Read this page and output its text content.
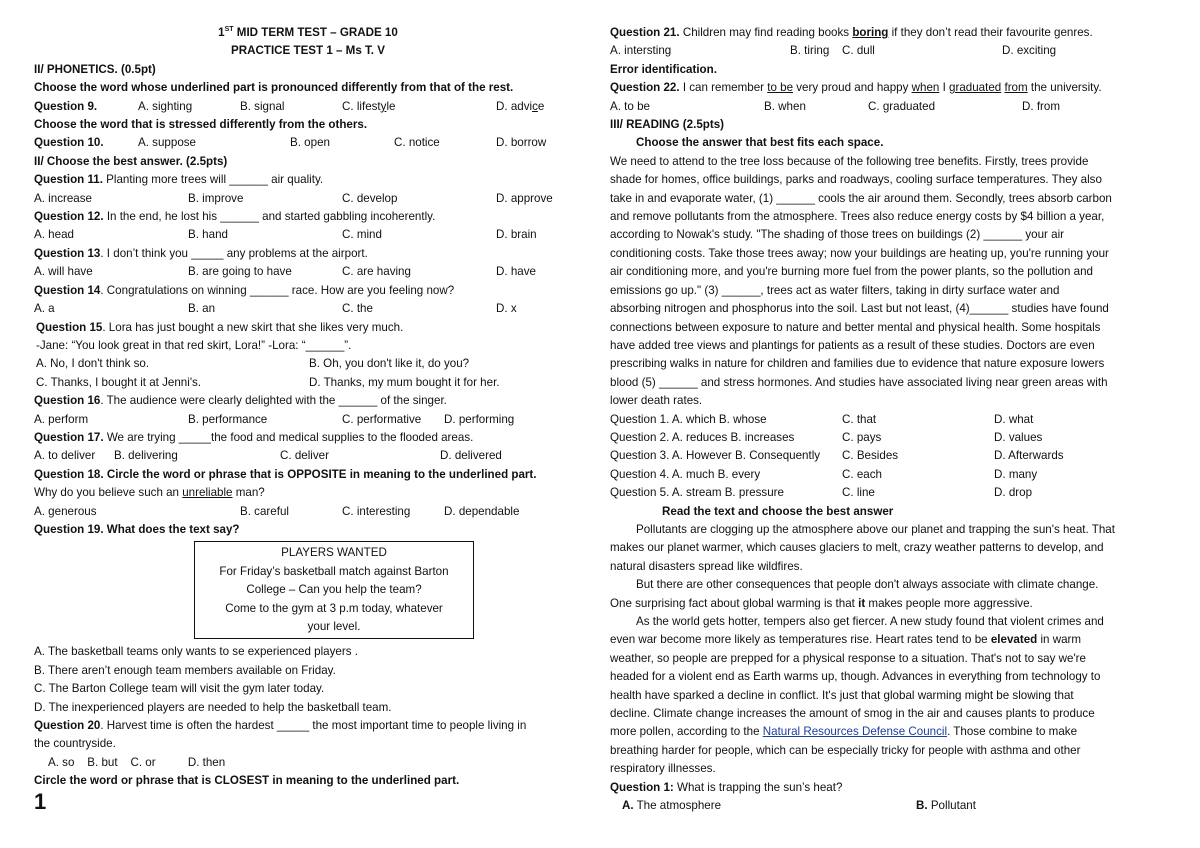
1ST MID TERM TEST – GRADE 10
PRACTICE TEST 1 – Ms T. V
II/ PHONETICS. (0.5pt)
Choose the word whose underlined part is pronounced differently from that of the rest.
Question 9.	A. sighting	B. signal	C. lifestyle	D. advice
Choose the word that is stressed differently from the others.
Question 10.	A. suppose	B. open	C. notice	D. borrow
II/ Choose the best answer. (2.5pts)
Question 11. Planting more trees will ______ air quality.
A. increase	B. improve	C. develop	D. approve
Question 12. In the end, he lost his ______ and started gabbling incoherently.
A. head	B. hand	C. mind	D. brain
Question 13. I don’t think you _____ any problems at the airport.
A. will have	B. are going to have	C. are having	D. have
Question 14. Congratulations on winning ______ race. How are you feeling now?
A. a	B. an	C. the	D. x
Question 15. Lora has just bought a new skirt that she likes very much.
-Jane: “You look great in that red skirt, Lora!” -Lora: “______”.
A. No, I don't think so.	B. Oh, you don't like it, do you?
C. Thanks, I bought it at Jenni's.	D. Thanks, my mum bought it for her.
Question 16. The audience were clearly delighted with the ______ of the singer.
A. perform	B. performance	C. performative	D. performing
Question 17. We are trying _____the food and medical supplies to the flooded areas.
A. to deliver	B. delivering	C. deliver	D. delivered
Question 18. Circle the word or phrase that is OPPOSITE in meaning to the underlined part.
Why do you believe such an unreliable man?
A. generous	B. careful	C. interesting	D. dependable
Question 19. What does the text say?
PLAYERS WANTED
For Friday’s basketball match against Barton
College – Can you help the team?
Come to the gym at 3 p.m today, whatever
your level.
A. The basketball teams only wants to se experienced players .
B. There aren’t enough team members available on Friday.
C. The Barton College team will visit the gym later today.
D. The inexperienced players are needed to help the basketball team.
Question 20. Harvest time is often the hardest _____ the most important time to people living in
the countryside.
A. so    B. but    C. or          D. then
Circle the word or phrase that is CLOSEST in meaning to the underlined part.
1
Question 21. Children may find reading books boring if they don’t read their favourite genres.
A. intersting	B. tiring	C. dull	D. exciting
Error identification.
Question 22. I can remember to be very proud and happy when I graduated from the university.
A. to be	B. when	C. graduated	D. from
III/ READING (2.5pts)
Choose the answer that best fits each space.
We need to attend to the tree loss because of the following tree benefits. Firstly, trees provide
shade for homes, office buildings, parks and roadways, cooling surface temperatures. They also
take in and evaporate water, (1) ______ cools the air around them. Secondly, trees absorb carbon
and remove pollutants from the atmosphere. Trees also reduce energy costs by $4 billion a year,
according to Nowak's study. "The shading of those trees on buildings (2) ______ your air
conditioning costs. Take those trees away; now your buildings are heating up, you're running your
air conditioning more, and you're burning more fuel from the power plants, so the pollution and
emissions go up." (3) ______, trees act as water filters, taking in dirty surface water and
absorbing nitrogen and phosphorus into the soil. Last but not least, (4)______ studies have found
connections between exposure to nature and better mental and physical health. Some hospitals
have added tree views and plantings for patients as a result of these studies. Doctors are even
prescribing walks in nature for children and families due to evidence that nature exposure lowers
blood (5) ______ and stress hormones. And studies have associated living near green areas with
lower death rates.
Question 1. A. which B. whose	C. that	D. what
Question 2. A. reduces B. increases	C. pays	D. values
Question 3. A. However B. Consequently	C. Besides	D. Afterwards
Question 4. A. much B. every	C. each	D. many
Question 5. A. stream B. pressure	C. line	D. drop
Read the text and choose the best answer
Pollutants are clogging up the atmosphere above our planet and trapping the sun's heat. That
makes our planet warmer, which causes glaciers to melt, crazy weather patterns to develop, and
natural disasters spread like wildfires.
But there are other consequences that people don't always associate with climate change.
One surprising fact about global warming is that it makes people more aggressive.
As the world gets hotter, tempers also get fiercer. A new study found that violent crimes and
even war become more likely as temperatures rise. Heart rates tend to be elevated in warm
weather, so people are prepped for a physical response to a situation. That's not to say we're
headed for a violent end as Earth warms up, though. Advances in everything from technology to
health have sparked a decline in conflict. It's just that global warming might be slowing that
decline. Climate change increases the amount of smog in the air and causes plants to produce
more pollen, according to the Natural Resources Defense Council. Those combine to make
breathing harder for people, which can be especially tricky for people with asthma and other
respiratory illnesses.
Question 1: What is trapping the sun’s heat?
A. The atmosphere	B. Pollutant
